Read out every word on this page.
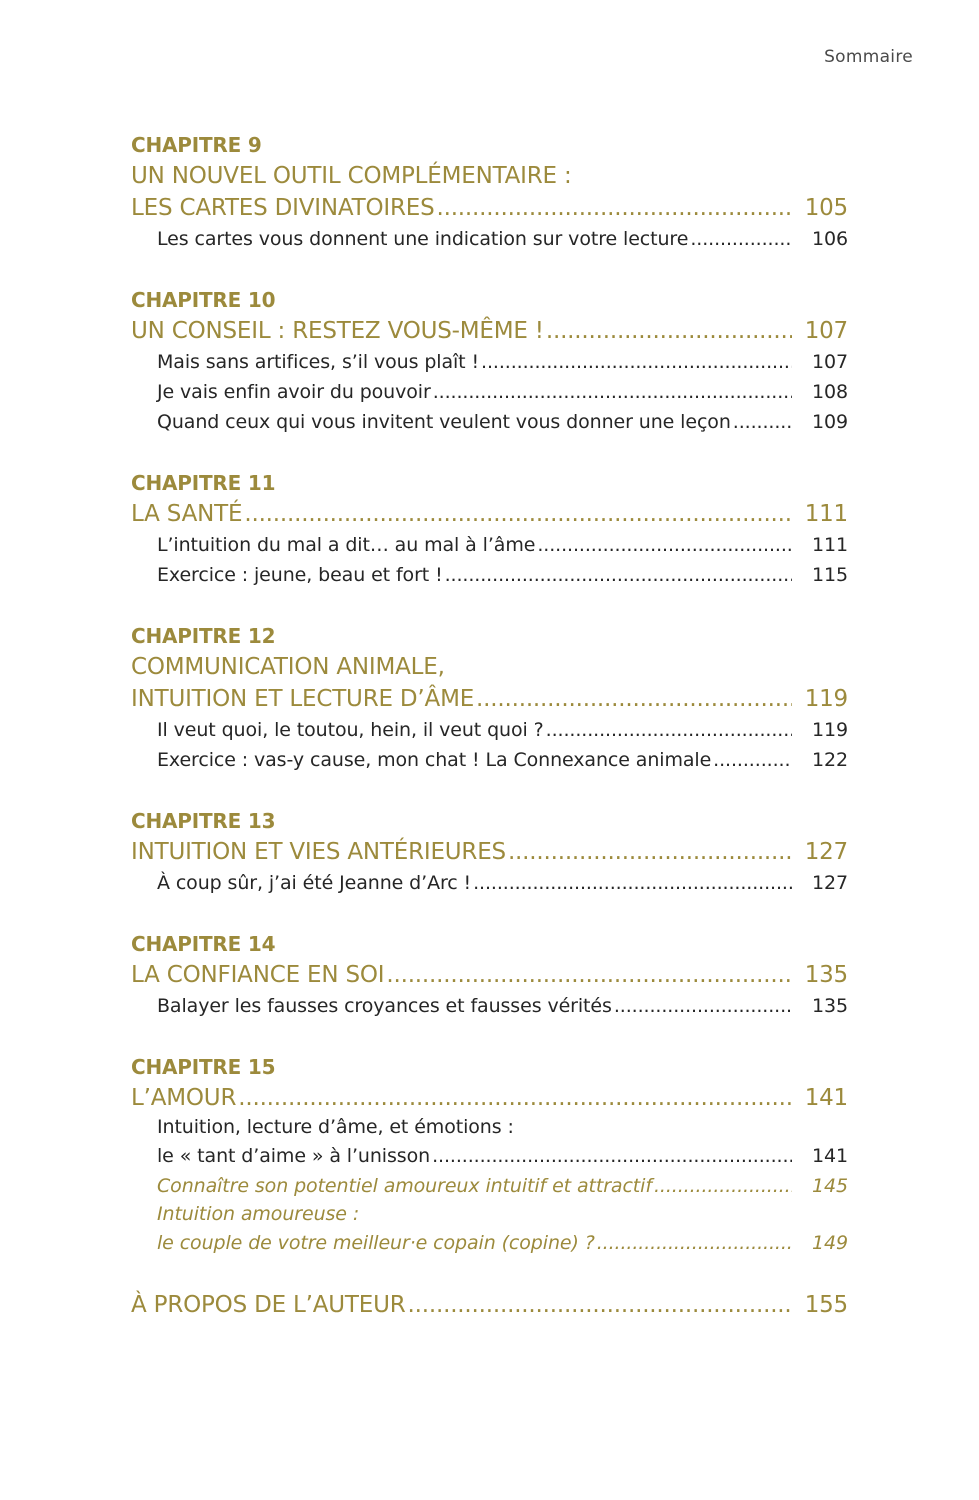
Sommaire
CHAPITRE 9
UN NOUVEL OUTIL COMPLÉMENTAIRE :
LES CARTES DIVINATOIRES .....	105
Les cartes vous donnent une indication sur votre lecture .....	106
CHAPITRE 10
UN CONSEIL : RESTEZ VOUS-MÊME ! .....	107
Mais sans artifices, s’il vous plaît ! .....	107
Je vais enfin avoir du pouvoir .....	108
Quand ceux qui vous invitent veulent vous donner une leçon .....	109
CHAPITRE 11
LA SANTÉ .....	111
L’intuition du mal a dit… au mal à l’âme .....	111
Exercice : jeune, beau et fort ! .....	115
CHAPITRE 12
COMMUNICATION ANIMALE,
INTUITION ET LECTURE D’ÂME .....	119
Il veut quoi, le toutou, hein, il veut quoi ? .....	119
Exercice : vas-y cause, mon chat ! La Connexance animale .....	122
CHAPITRE 13
INTUITION ET VIES ANTÉRIEURES .....	127
À coup sûr, j’ai été Jeanne d’Arc ! .....	127
CHAPITRE 14
LA CONFIANCE EN SOI .....	135
Balayer les fausses croyances et fausses vérités .....	135
CHAPITRE 15
L’AMOUR .....	141
Intuition, lecture d’âme, et émotions :
le « tant d’aime » à l’unisson .....	141
Connaître son potentiel amoureux intuitif et attractif .....	145
Intuition amoureuse :
le couple de votre meilleur·e copain (copine) ? .....	149
À PROPOS DE L’AUTEUR .....	155
